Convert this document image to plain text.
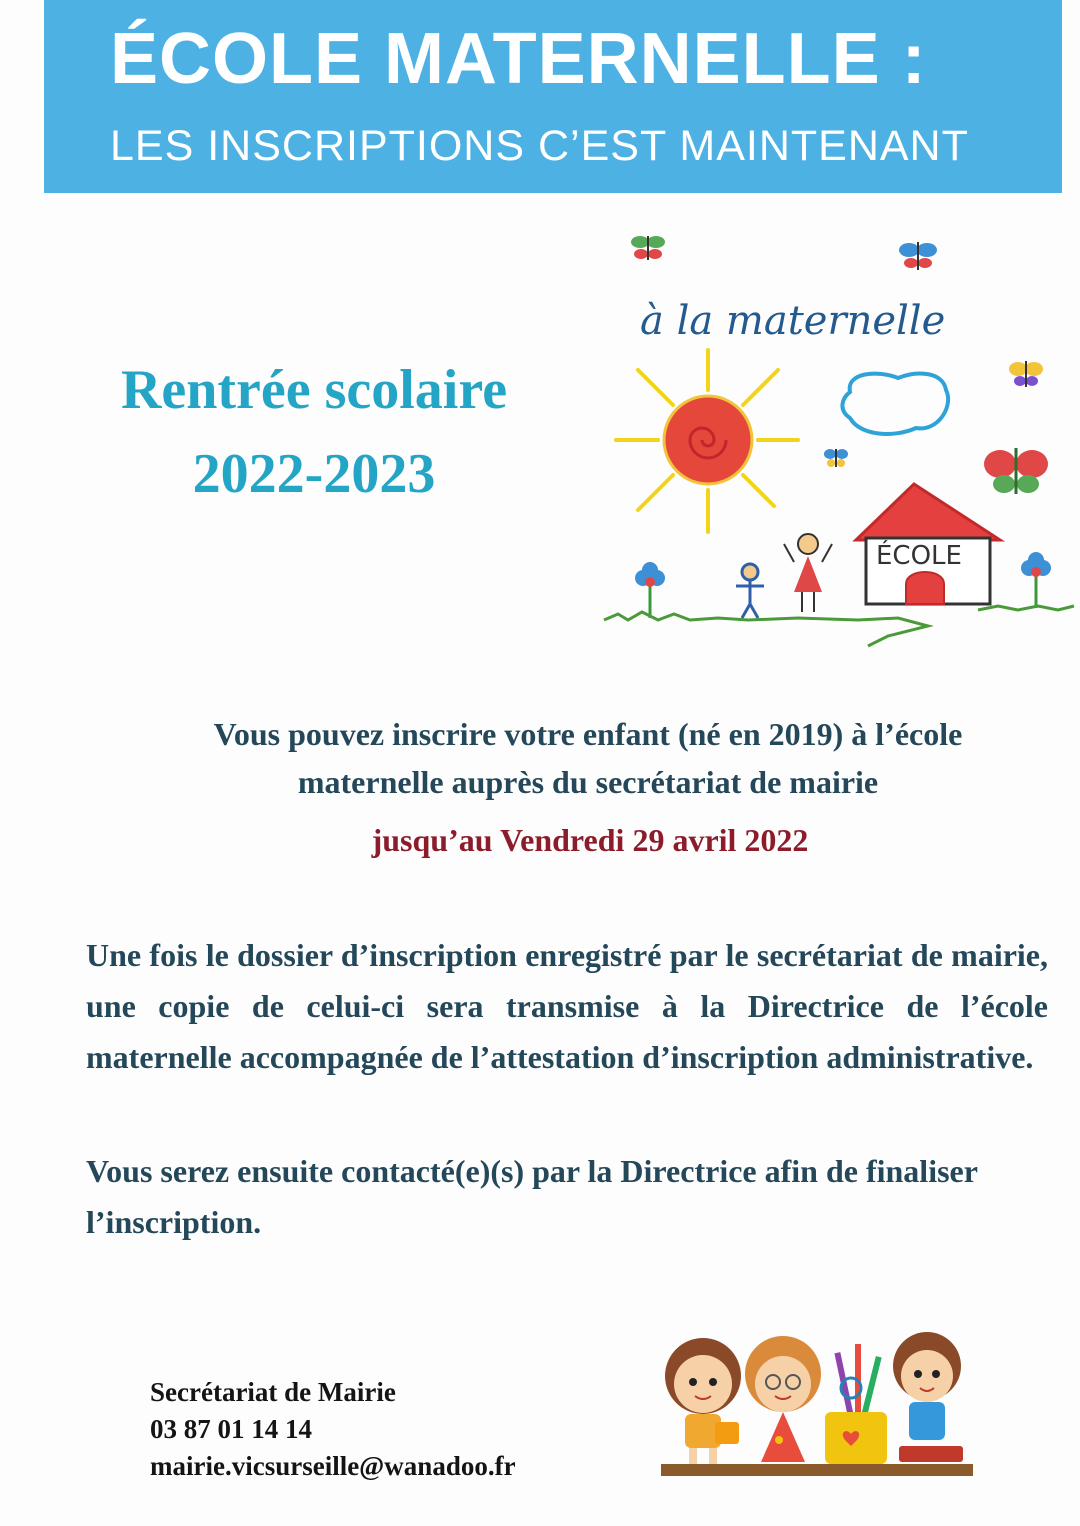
ÉCOLE MATERNELLE :
LES INSCRIPTIONS C’EST MAINTENANT
Rentrée scolaire
2022-2023
à la maternelle
ÉCOLE
Vous pouvez inscrire votre enfant (né en 2019) à l’école
maternelle auprès du secrétariat de mairie
jusqu’au Vendredi 29 avril 2022
Une fois le dossier d’inscription enregistré par le secrétariat de mairie, une copie de celui-ci sera transmise à la Directrice de l’école maternelle accompagnée de l’attestation d’inscription administrative.
Vous serez ensuite contacté(e)(s) par la Directrice afin de finaliser l’inscription.
Secrétariat de Mairie
03 87 01 14 14
mairie.vicsurseille@wanadoo.fr
